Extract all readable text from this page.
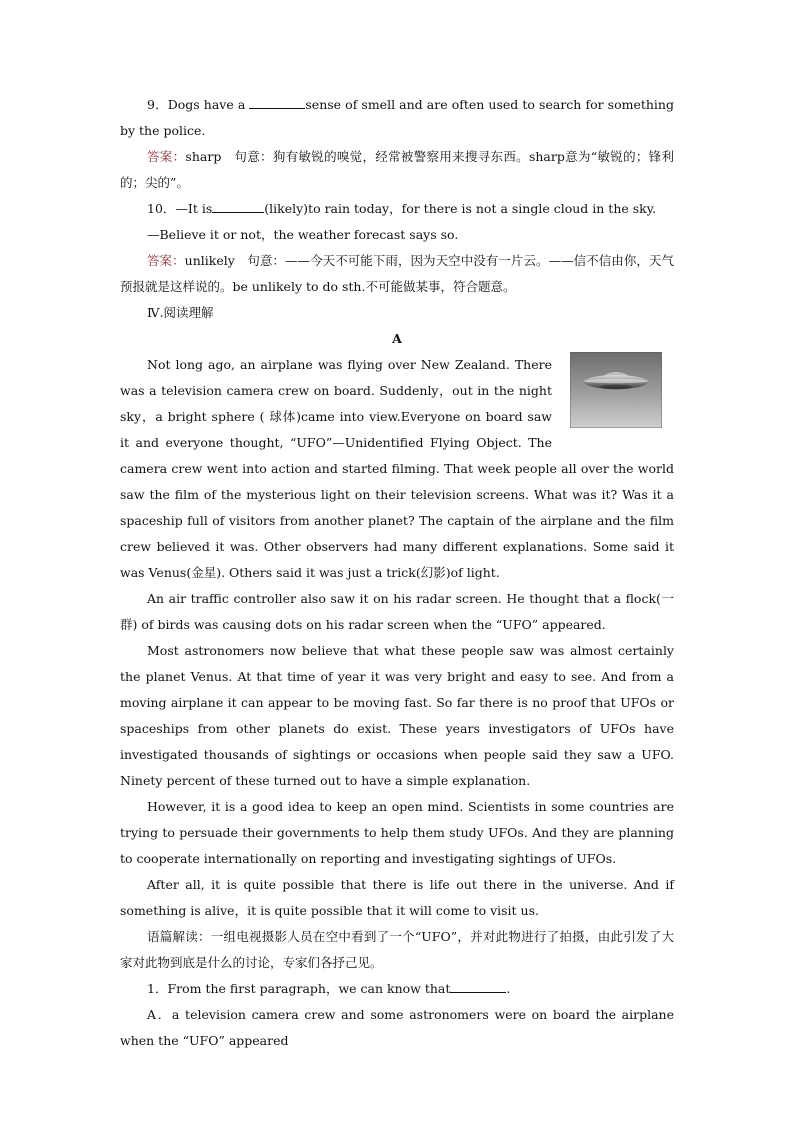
9．Dogs have a	sense of smell and are often used to search for something by the police.

答案：sharp　句意：狗有敏锐的嗅觉，经常被警察用来搜寻东西。sharp意为“敏锐的；锋利的；尖的”。

10．—It is	(likely)to rain today，for there is not a single cloud in the sky.

—Believe it or not，the weather forecast says so.

答案：unlikely　句意：——今天不可能下雨，因为天空中没有一片云。——信不信由你，天气预报就是这样说的。be unlikely to do sth.不可能做某事，符合题意。

Ⅳ.阅读理解

A

Not long ago, an airplane was flying over New Zealand. There was a television camera crew on board. Suddenly，out in the night sky，a bright sphere ( 球体)came into view.Everyone on board saw it and everyone thought, “UFO”—Unidentified Flying Object. The camera crew went into action and started filming. That week people all over the world saw the film of the mysterious light on their television screens. What was it? Was it a spaceship full of visitors from another planet? The captain of the airplane and the film crew believed it was. Other observers had many different explanations. Some said it was Venus(金星). Others said it was just a trick(幻影)of light.

An air traffic controller also saw it on his radar screen. He thought that a flock(一群) of birds was causing dots on his radar screen when the “UFO” appeared.

Most astronomers now believe that what these people saw was almost certainly the planet Venus. At that time of year it was very bright and easy to see. And from a moving airplane it can appear to be moving fast. So far there is no proof that UFOs or spaceships from other planets do exist. These years investigators of UFOs have investigated thousands of sightings or occasions when people said they saw a UFO. Ninety percent of these turned out to have a simple explanation.

However, it is a good idea to keep an open mind. Scientists in some countries are trying to persuade their governments to help them study UFOs. And they are planning to cooperate internationally on reporting and investigating sightings of UFOs.

After all, it is quite possible that there is life out there in the universe. And if something is alive，it is quite possible that it will come to visit us.

语篇解读：一组电视摄影人员在空中看到了一个“UFO”，并对此物进行了拍摄，由此引发了大家对此物到底是什么的讨论，专家们各抒己见。

1．From the first paragraph，we can know that	.

A．a television camera crew and some astronomers were on board the airplane when the “UFO” appeared
